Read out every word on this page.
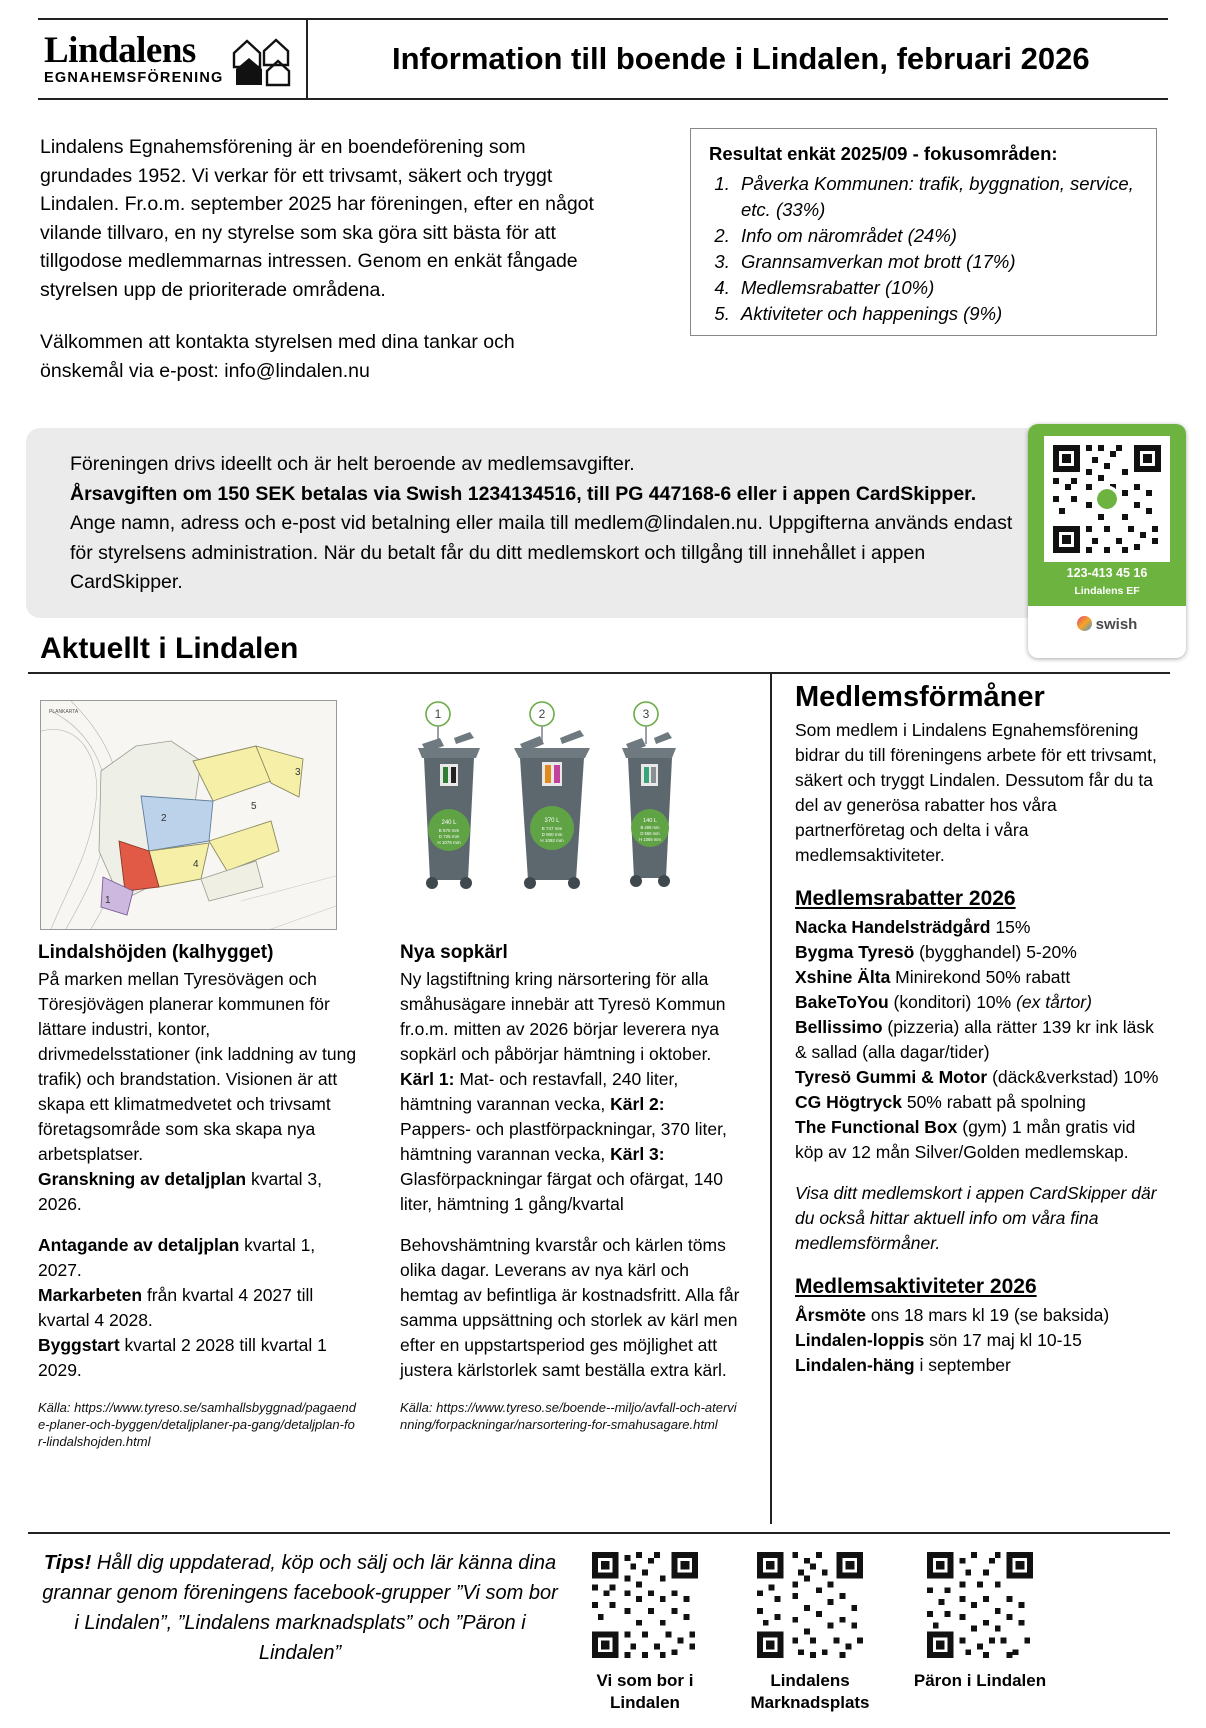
Lindalens
EGNAHEMSFÖRENING
Information till boende i Lindalen, februari 2026

Lindalens Egnahemsförening är en boendeförening som grundades 1952. Vi verkar för ett trivsamt, säkert och tryggt Lindalen. Fr.o.m. september 2025 har föreningen, efter en något vilande tillvaro, en ny styrelse som ska göra sitt bästa för att tillgodose medlemmarnas intressen. Genom en enkät fångade styrelsen upp de prioriterade områdena.

Välkommen att kontakta styrelsen med dina tankar och önskemål via e-post: info@lindalen.nu

Resultat enkät 2025/09 - fokusområden:
1. Påverka Kommunen: trafik, byggnation, service, etc. (33%)
2. Info om närområdet (24%)
3. Grannsamverkan mot brott (17%)
4. Medlemsrabatter (10%)
5. Aktiviteter och happenings (9%)
Föreningen drivs ideellt och är helt beroende av medlemsavgifter.
Årsavgiften om 150 SEK betalas via Swish 1234134516, till PG 447168-6 eller i appen CardSkipper. Ange namn, adress och e-post vid betalning eller maila till medlem@lindalen.nu. Uppgifterna används endast för styrelsens administration. När du betalt får du ditt medlemskort och tillgång till innehållet i appen CardSkipper.	123-413 45 16
Lindalens EF
swish
Aktuellt i Lindalen
3
2
5
4
1
PLANKARTA	1	2	3
240 L
B 570 mm
D 725 mm
H 1075 mm
370 L
B 747 mm
D 900 mm
H 1092 mm
140 L
B 495 mm
D 550 mm
H 1065 mm
Lindalshöjden (kalhygget)
På marken mellan Tyresövägen och Töresjövägen planerar kommunen för lättare industri, kontor, drivmedelsstationer (ink laddning av tung trafik) och brandstation. Visionen är att skapa ett klimatmedvetet och trivsamt företagsområde som ska skapa nya arbetsplatser.
Granskning av detaljplan kvartal 3, 2026.
Antagande av detaljplan kvartal 1, 2027.
Markarbeten från kvartal 4 2027 till kvartal 4 2028.
Byggstart kvartal 2 2028 till kvartal 1 2029.
Källa: https://www.tyreso.se/samhallsbyggnad/pagaende-planer-och-byggen/detaljplaner-pa-gang/detaljplan-for-lindalshojden.html
Nya sopkärl
Ny lagstiftning kring närsortering för alla småhusägare innebär att Tyresö Kommun fr.o.m. mitten av 2026 börjar leverera nya sopkärl och påbörjar hämtning i oktober.
Kärl 1: Mat- och restavfall, 240 liter, hämtning varannan vecka, Kärl 2: Pappers- och plastförpackningar, 370 liter, hämtning varannan vecka, Kärl 3: Glasförpackningar färgat och ofärgat, 140 liter, hämtning 1 gång/kvartal
Behovshämtning kvarstår och kärlen töms olika dagar. Leverans av nya kärl och hemtag av befintliga är kostnadsfritt. Alla får samma uppsättning och storlek av kärl men efter en uppstartsperiod ges möjlighet att justera kärlstorlek samt beställa extra kärl.
Källa: https://www.tyreso.se/boende--miljo/avfall-och-atervinning/forpackningar/narsortering-for-smahusagare.html
Medlemsförmåner
Som medlem i Lindalens Egnahemsförening bidrar du till föreningens arbete för ett trivsamt, säkert och tryggt Lindalen. Dessutom får du ta del av generösa rabatter hos våra partnerföretag och delta i våra medlemsaktiviteter.
Medlemsrabatter 2026
Nacka Handelsträdgård 15%
Bygma Tyresö (bygghandel) 5-20%
Xshine Älta Minirekond 50% rabatt
BakeToYou (konditori) 10% (ex tårtor)
Bellissimo (pizzeria) alla rätter 139 kr ink läsk & sallad (alla dagar/tider)
Tyresö Gummi & Motor (däck&verkstad) 10%
CG Högtryck 50% rabatt på spolning
The Functional Box (gym) 1 mån gratis vid köp av 12 mån Silver/Golden medlemskap.
Visa ditt medlemskort i appen CardSkipper där du också hittar aktuell info om våra fina medlemsförmåner.
Medlemsaktiviteter 2026
Årsmöte ons 18 mars kl 19 (se baksida)
Lindalen-loppis sön 17 maj kl 10-15
Lindalen-häng i september
Tips! Håll dig uppdaterad, köp och sälj och lär känna dina grannar genom föreningens facebook-grupper ”Vi som bor i Lindalen”, ”Lindalens marknadsplats” och ”Päron i Lindalen”
Vi som bor i Lindalen
Lindalens Marknadsplats
Päron i Lindalen
